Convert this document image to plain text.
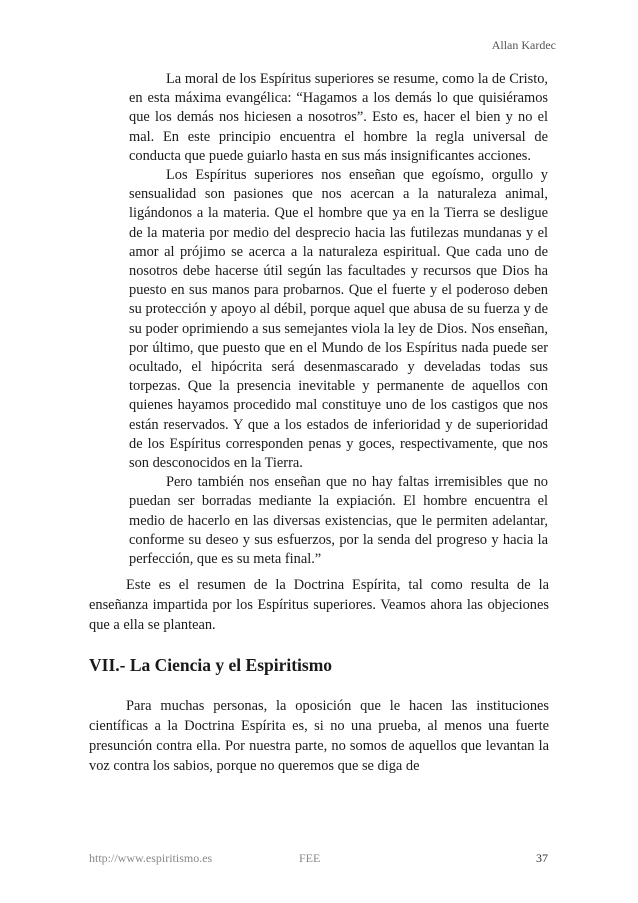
Allan Kardec

La moral de los Espíritus superiores se resume, como la de Cristo, en esta máxima evangélica: “Hagamos a los demás lo que quisiéramos que los demás nos hiciesen a nosotros”. Esto es, hacer el bien y no el mal. En este principio encuentra el hombre la regla universal de conducta que puede guiarlo hasta en sus más insignificantes acciones.

Los Espíritus superiores nos enseñan que egoísmo, orgullo y sensualidad son pasiones que nos acercan a la naturaleza animal, ligándonos a la materia. Que el hombre que ya en la Tierra se desligue de la materia por medio del desprecio hacia las futilezas mundanas y el amor al prójimo se acerca a la naturaleza espiritual. Que cada uno de nosotros debe hacerse útil según las facultades y recursos que Dios ha puesto en sus manos para probarnos. Que el fuerte y el poderoso deben su protección y apoyo al débil, porque aquel que abusa de su fuerza y de su poder oprimiendo a sus semejantes viola la ley de Dios. Nos enseñan, por último, que puesto que en el Mundo de los Espíritus nada puede ser ocultado, el hipócrita será desenmascarado y develadas todas sus torpezas. Que la presencia inevitable y permanente de aquellos con quienes hayamos procedido mal constituye uno de los castigos que nos están reservados. Y que a los estados de inferioridad y de superioridad de los Espíritus corresponden penas y goces, respectivamente, que nos son desconocidos en la Tierra.

Pero también nos enseñan que no hay faltas irremisibles que no puedan ser borradas mediante la expiación. El hombre encuentra el medio de hacerlo en las diversas existencias, que le permiten adelantar, conforme su deseo y sus esfuerzos, por la senda del progreso y hacia la perfección, que es su meta final.”

Este es el resumen de la Doctrina Espírita, tal como resulta de la enseñanza impartida por los Espíritus superiores. Veamos ahora las objeciones que a ella se plantean.

VII.- La Ciencia y el Espiritismo

Para muchas personas, la oposición que le hacen las instituciones científicas a la Doctrina Espírita es, si no una prueba, al menos una fuerte presunción contra ella. Por nuestra parte, no somos de aquellos que levantan la voz contra los sabios, porque no queremos que se diga de

http://www.espiritismo.es	FEE	37
